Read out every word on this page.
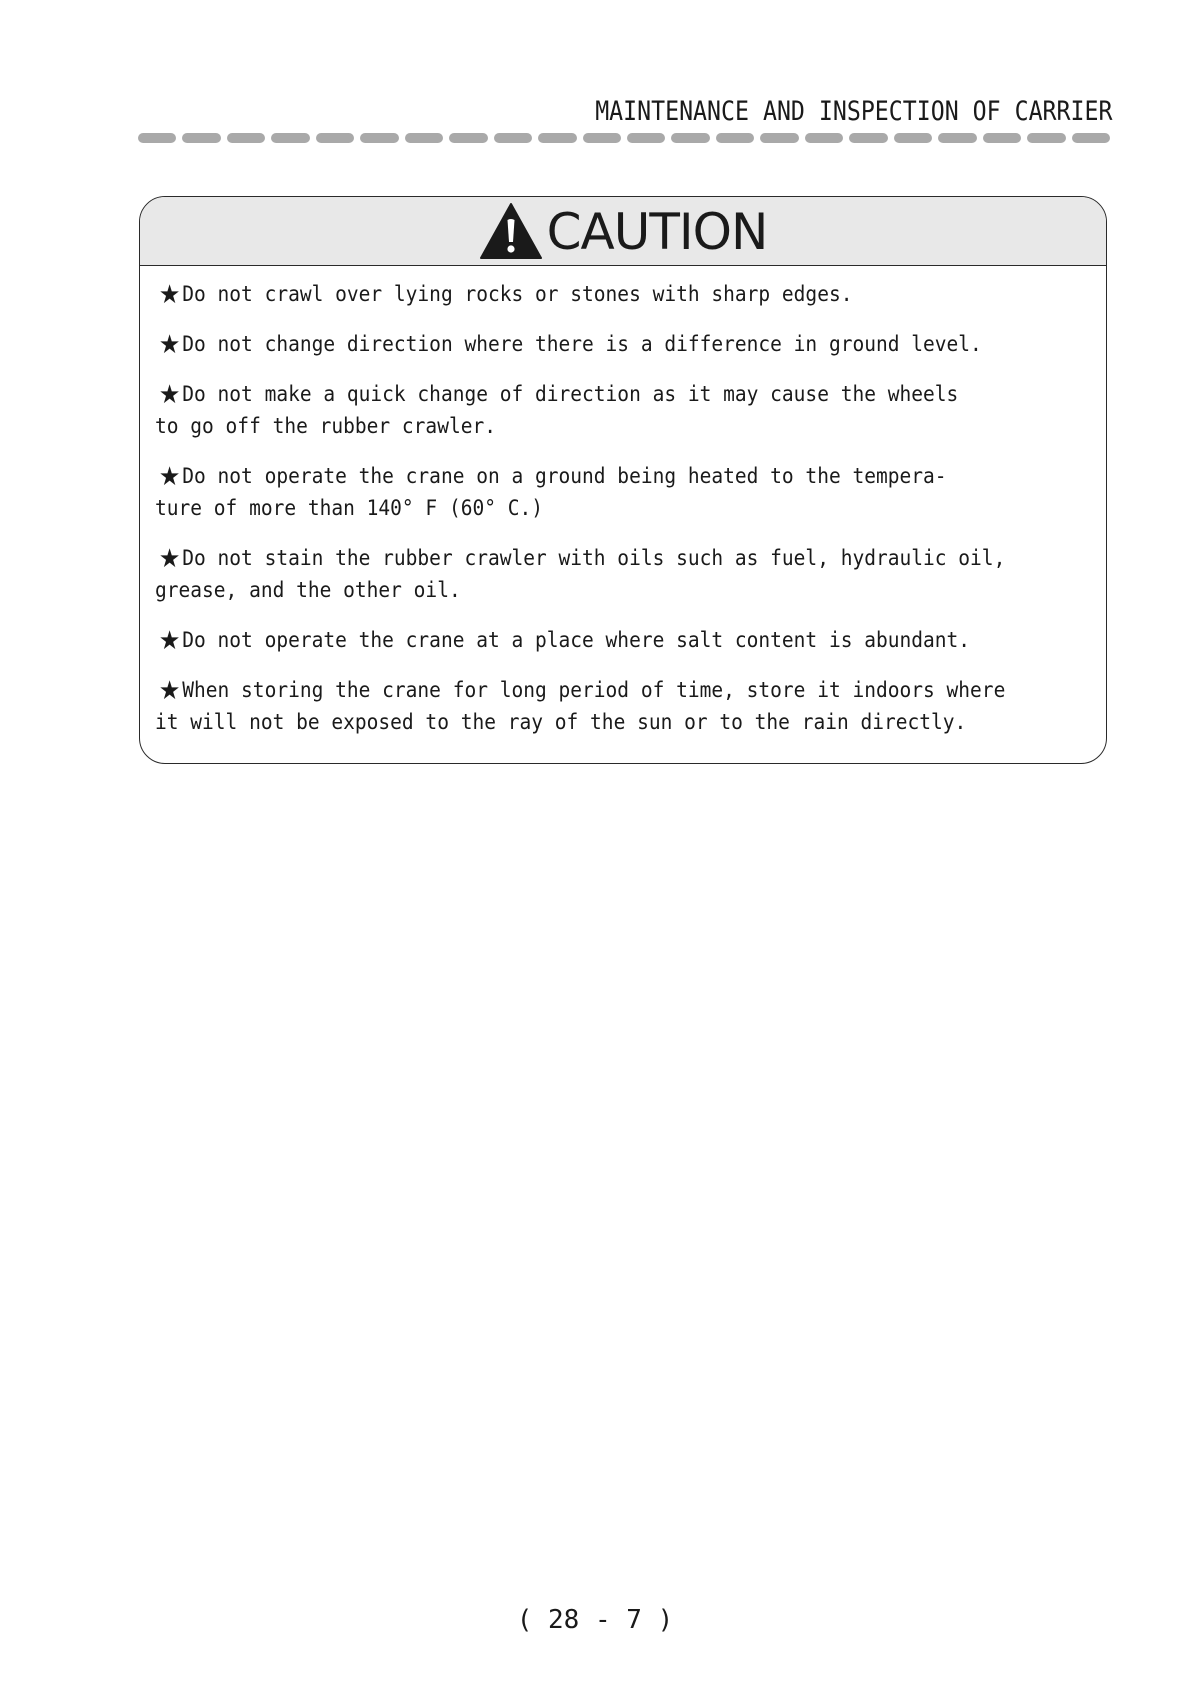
MAINTENANCE AND INSPECTION OF CARRIER
CAUTION
★Do not crawl over lying rocks or stones with sharp edges.
★Do not change direction where there is a difference in ground level.
★Do not make a quick change of direction as it may cause the wheels
to go off the rubber crawler.
★Do not operate the crane on a ground being heated to the tempera-
ture of more than 140° F (60° C.)
★Do not stain the rubber crawler with oils such as fuel, hydraulic oil,
grease, and the other oil.
★Do not operate the crane at a place where salt content is abundant.
★When storing the crane for long period of time, store it indoors where
it will not be exposed to the ray of the sun or to the rain directly.
( 28 - 7 )
